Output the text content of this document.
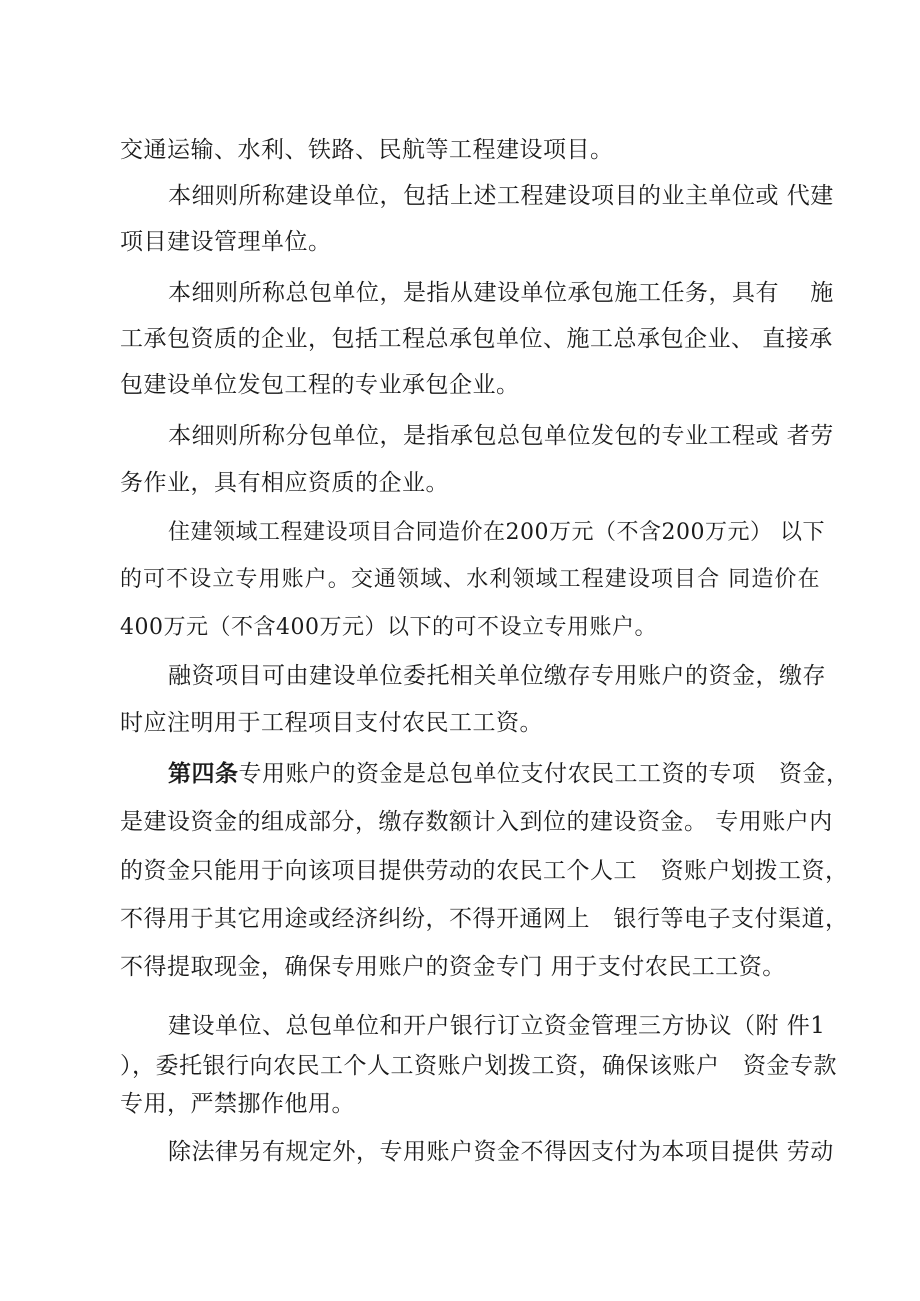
交通运输、水利、铁路、民航等工程建设项目。
本细则所称建设单位，包括上述工程建设项目的业主单位或 代建
项目建设管理单位。
本细则所称总包单位，是指从建设单位承包施工任务，具有　 施
工承包资质的企业，包括工程总承包单位、施工总承包企业、 直接承
包建设单位发包工程的专业承包企业。
本细则所称分包单位，是指承包总包单位发包的专业工程或 者劳
务作业，具有相应资质的企业。
住建领域工程建设项目合同造价在200万元（不含200万元） 以下
的可不设立专用账户。交通领域、水利领域工程建设项目合 同造价在
400万元（不含400万元）以下的可不设立专用账户。
融资项目可由建设单位委托相关单位缴存专用账户的资金，缴存
时应注明用于工程项目支付农民工工资。
第四条专用账户的资金是总包单位支付农民工工资的专项　资金，
是建设资金的组成部分，缴存数额计入到位的建设资金。 专用账户内
的资金只能用于向该项目提供劳动的农民工个人工　资账户划拨工资，
不得用于其它用途或经济纠纷，不得开通网上　银行等电子支付渠道，
不得提取现金，确保专用账户的资金专门 用于支付农民工工资。
建设单位、总包单位和开户银行订立资金管理三方协议（附 件1
），委托银行向农民工个人工资账户划拨工资，确保该账户　资金专款
专用，严禁挪作他用。
除法律另有规定外，专用账户资金不得因支付为本项目提供 劳动
